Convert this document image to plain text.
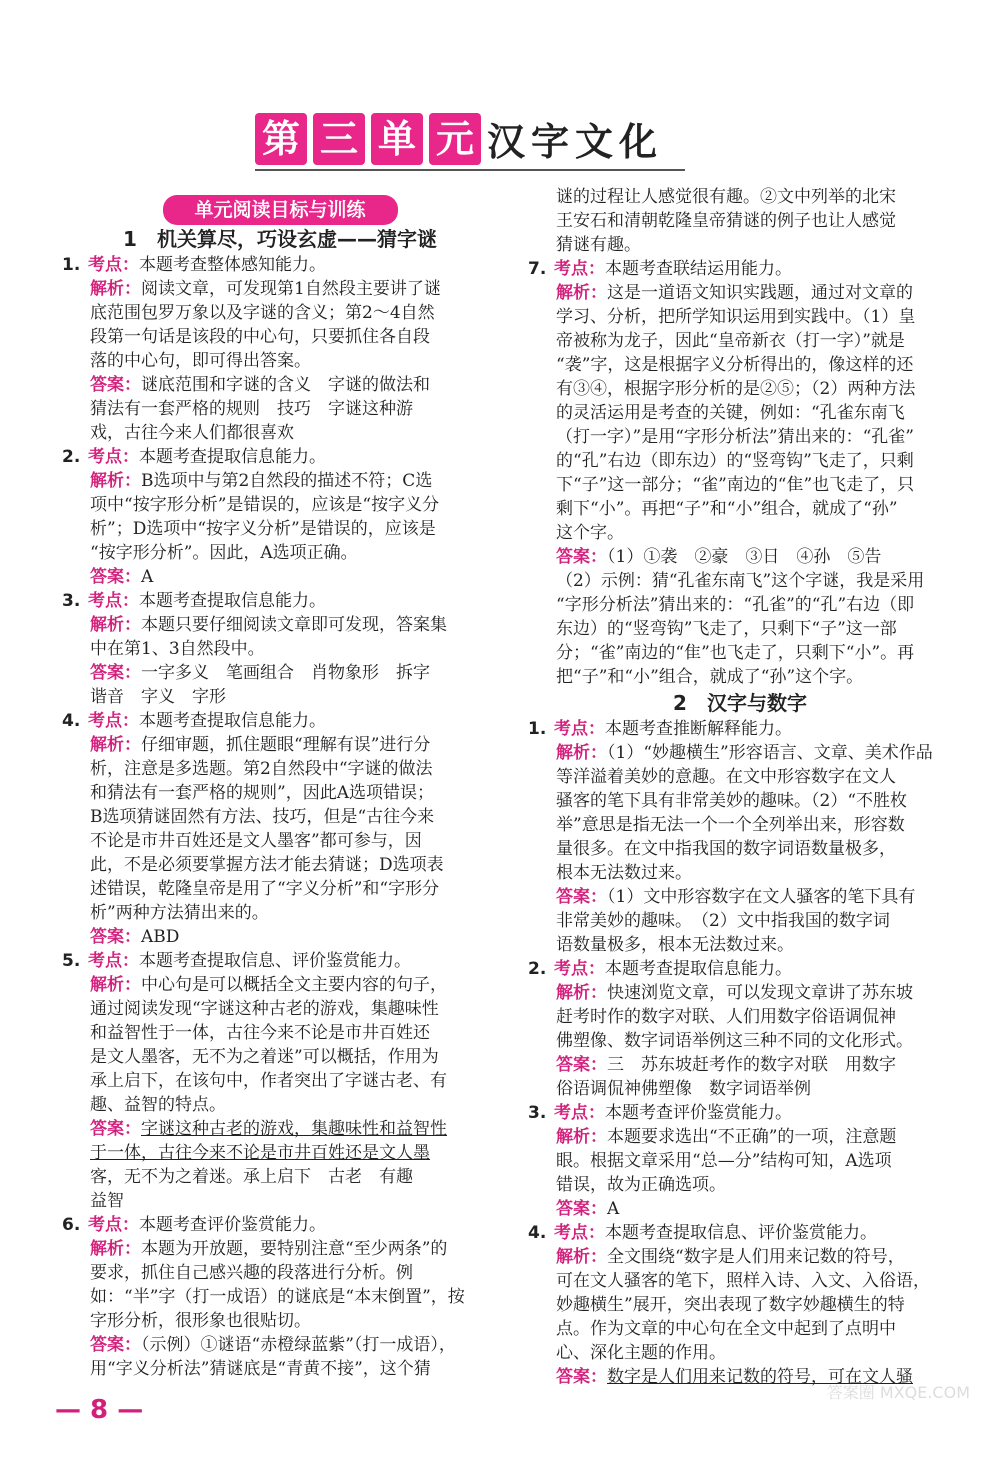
第 三 单 元 汉字文化
单元阅读目标与训练
1　机关算尽，巧设玄虚——猜字谜
1. 考点：本题考查整体感知能力。
解析：阅读文章，可发现第1自然段主要讲了谜
底范围包罗万象以及字谜的含义；第2～4自然
段第一句话是该段的中心句，只要抓住各自段
落的中心句，即可得出答案。
答案：谜底范围和字谜的含义　字谜的做法和
猜法有一套严格的规则　技巧　字谜这种游
戏，古往今来人们都很喜欢
2. 考点：本题考查提取信息能力。
解析：B选项中与第2自然段的描述不符；C选
项中“按字形分析”是错误的，应该是“按字义分
析”；D选项中“按字义分析”是错误的，应该是
“按字形分析”。因此，A选项正确。
答案：A
3. 考点：本题考查提取信息能力。
解析：本题只要仔细阅读文章即可发现，答案集
中在第1、3自然段中。
答案：一字多义　笔画组合　肖物象形　拆字
谐音　字义　字形
4. 考点：本题考查提取信息能力。
解析：仔细审题，抓住题眼“理解有误”进行分
析，注意是多选题。第2自然段中“字谜的做法
和猜法有一套严格的规则”，因此A选项错误；
B选项猜谜固然有方法、技巧，但是“古往今来
不论是市井百姓还是文人墨客”都可参与，因
此，不是必须要掌握方法才能去猜谜；D选项表
述错误，乾隆皇帝是用了“字义分析”和“字形分
析”两种方法猜出来的。
答案：ABD
5. 考点：本题考查提取信息、评价鉴赏能力。
解析：中心句是可以概括全文主要内容的句子，
通过阅读发现“字谜这种古老的游戏，集趣味性
和益智性于一体，古往今来不论是市井百姓还
是文人墨客，无不为之着迷”可以概括，作用为
承上启下，在该句中，作者突出了字谜古老、有
趣、益智的特点。
答案：字谜这种古老的游戏，集趣味性和益智性
于一体，古往今来不论是市井百姓还是文人墨
客，无不为之着迷。承上启下　古老　有趣
益智
6. 考点：本题考查评价鉴赏能力。
解析：本题为开放题，要特别注意“至少两条”的
要求，抓住自己感兴趣的段落进行分析。例
如：“半”字（打一成语）的谜底是“本末倒置”，按
字形分析，很形象也很贴切。
答案：（示例）①谜语“赤橙绿蓝紫”（打一成语），
用“字义分析法”猜谜底是“青黄不接”，这个猜
谜的过程让人感觉很有趣。②文中列举的北宋
王安石和清朝乾隆皇帝猜谜的例子也让人感觉
猜谜有趣。
7. 考点：本题考查联结运用能力。
解析：这是一道语文知识实践题，通过对文章的
学习、分析，把所学知识运用到实践中。（1）皇
帝被称为龙子，因此“皇帝新衣（打一字）”就是
“袭”字，这是根据字义分析得出的，像这样的还
有③④，根据字形分析的是②⑤；（2）两种方法
的灵活运用是考查的关键，例如：“孔雀东南飞
（打一字）”是用“字形分析法”猜出来的：“孔雀”
的“孔”右边（即东边）的“竖弯钩”飞走了，只剩
下“子”这一部分；“雀”南边的“隹”也飞走了，只
剩下“小”。再把“子”和“小”组合，就成了“孙”
这个字。
答案：（1）①袭　②豪　③日　④孙　⑤告
（2）示例：猜“孔雀东南飞”这个字谜，我是采用
“字形分析法”猜出来的：“孔雀”的“孔”右边（即
东边）的“竖弯钩”飞走了，只剩下“子”这一部
分；“雀”南边的“隹”也飞走了，只剩下“小”。再
把“子”和“小”组合，就成了“孙”这个字。
2　汉字与数字
1. 考点：本题考查推断解释能力。
解析：（1）“妙趣横生”形容语言、文章、美术作品
等洋溢着美妙的意趣。在文中形容数字在文人
骚客的笔下具有非常美妙的趣味。（2）“不胜枚
举”意思是指无法一个一个全列举出来，形容数
量很多。在文中指我国的数字词语数量极多，
根本无法数过来。
答案：（1）文中形容数字在文人骚客的笔下具有
非常美妙的趣味。　（2）文中指我国的数字词
语数量极多，根本无法数过来。
2. 考点：本题考查提取信息能力。
解析：快速浏览文章，可以发现文章讲了苏东坡
赶考时作的数字对联、人们用数字俗语调侃神
佛塑像、数字词语举例这三种不同的文化形式。
答案：三　苏东坡赶考作的数字对联　用数字
俗语调侃神佛塑像　数字词语举例
3. 考点：本题考查评价鉴赏能力。
解析：本题要求选出“不正确”的一项，注意题
眼。根据文章采用“总—分”结构可知，A选项
错误，故为正确选项。
答案：A
4. 考点：本题考查提取信息、评价鉴赏能力。
解析：全文围绕“数字是人们用来记数的符号，
可在文人骚客的笔下，照样入诗、入文、入俗语，
妙趣横生”展开，突出表现了数字妙趣横生的特
点。作为文章的中心句在全文中起到了点明中
心、深化主题的作用。
答案：数字是人们用来记数的符号，可在文人骚
— 8 —
答案圈 MXQE.COM
